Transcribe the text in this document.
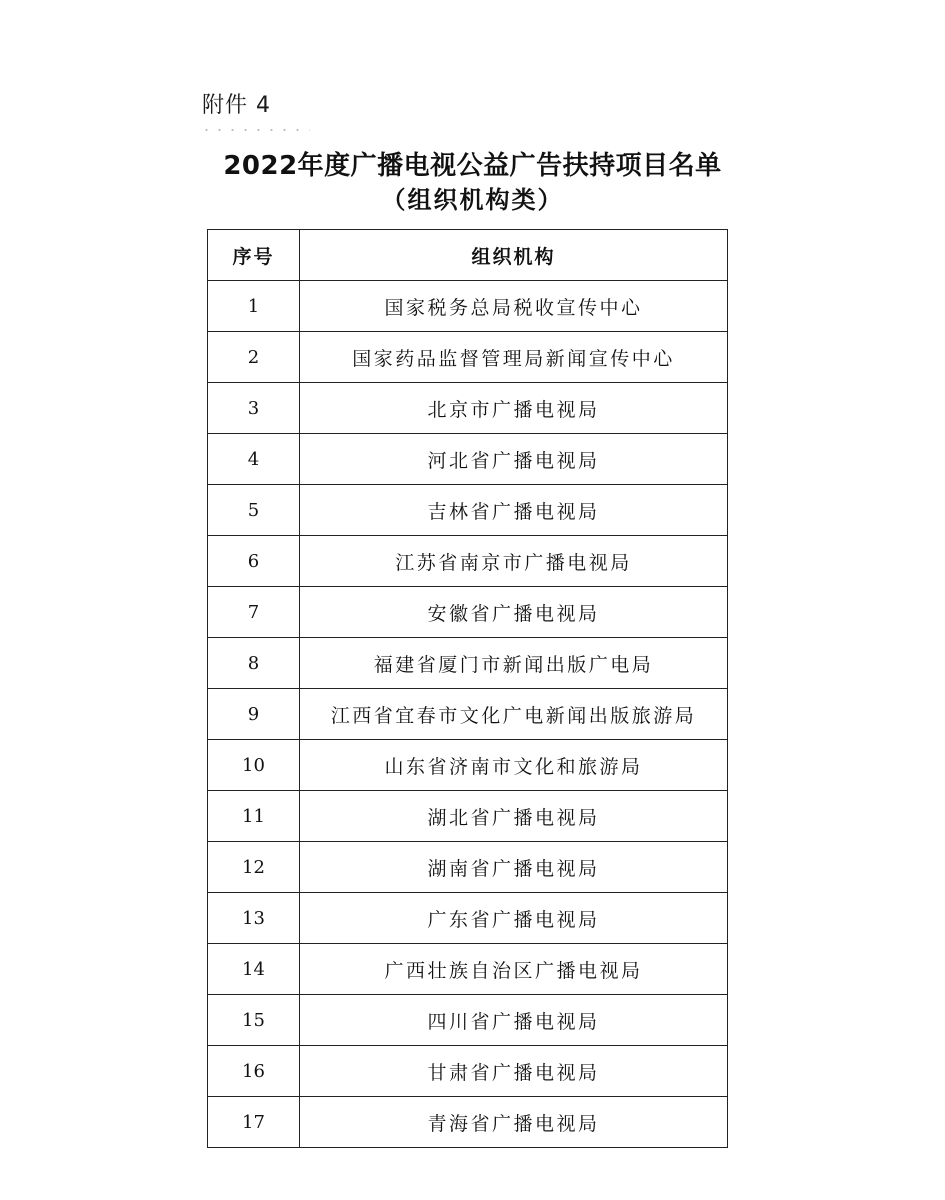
附件 4
2022年度广播电视公益广告扶持项目名单
（组织机构类）
序号	组织机构
1	国家税务总局税收宣传中心
2	国家药品监督管理局新闻宣传中心
3	北京市广播电视局
4	河北省广播电视局
5	吉林省广播电视局
6	江苏省南京市广播电视局
7	安徽省广播电视局
8	福建省厦门市新闻出版广电局
9	江西省宜春市文化广电新闻出版旅游局
10	山东省济南市文化和旅游局
11	湖北省广播电视局
12	湖南省广播电视局
13	广东省广播电视局
14	广西壮族自治区广播电视局
15	四川省广播电视局
16	甘肃省广播电视局
17	青海省广播电视局
